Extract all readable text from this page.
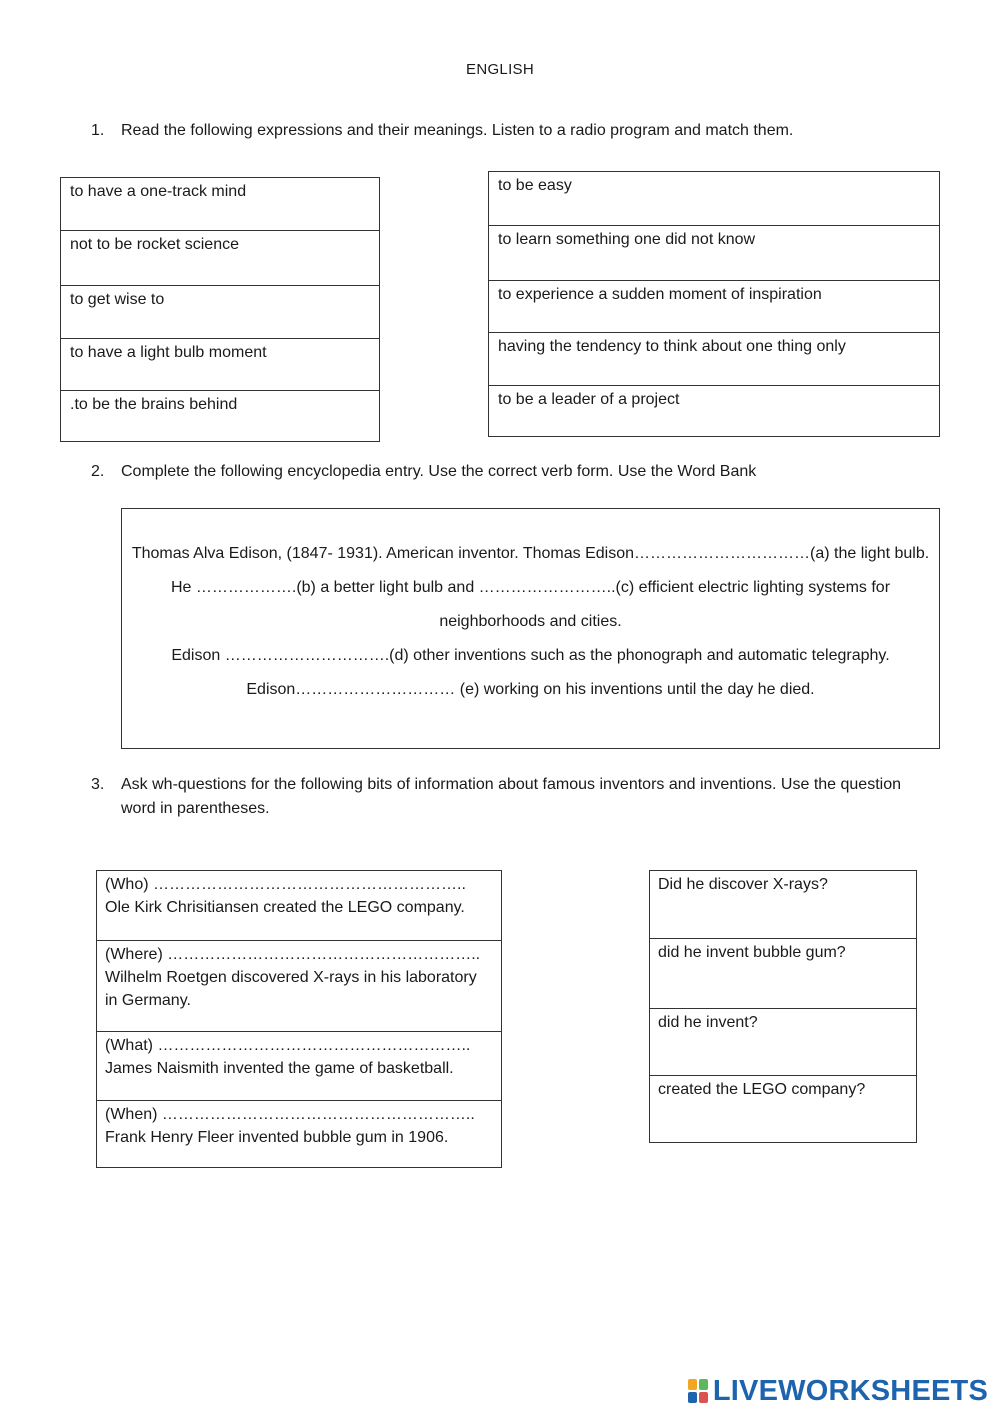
ENGLISH
1. Read the following expressions and their meanings. Listen to a radio program and match them.
to have a one-track mind
not to be rocket science
to get wise to
to have a light bulb moment
.to be the brains behind
to be easy
to learn something one did not know
to experience a sudden moment of inspiration
having the tendency to think about one thing only
to be a leader of a project
2. Complete the following encyclopedia entry. Use the correct verb form. Use the Word Bank
Thomas Alva Edison, (1847- 1931). American inventor. Thomas Edison……………………………(a) the light bulb.
He ……………….(b) a better light bulb and ……………………..(c) efficient electric lighting systems for
neighborhoods and cities.
Edison ………………………….(d) other inventions such as the phonograph and automatic telegraphy.
Edison………………………… (e) working on his inventions until the day he died.
3. Ask wh-questions for the following bits of information about famous inventors and inventions. Use the question word in parentheses.
(Who) …………………………………………………..
Ole Kirk Chrisitiansen created the LEGO company.
(Where) …………………………………………………..
Wilhelm Roetgen discovered X-rays in his laboratory in Germany.
(What) …………………………………………………..
James Naismith invented the game of basketball.
(When) …………………………………………………..
Frank Henry Fleer invented bubble gum in 1906.
Did he discover X-rays?
did he invent bubble gum?
did he invent?
created the LEGO company?
LIVEWORKSHEETS
